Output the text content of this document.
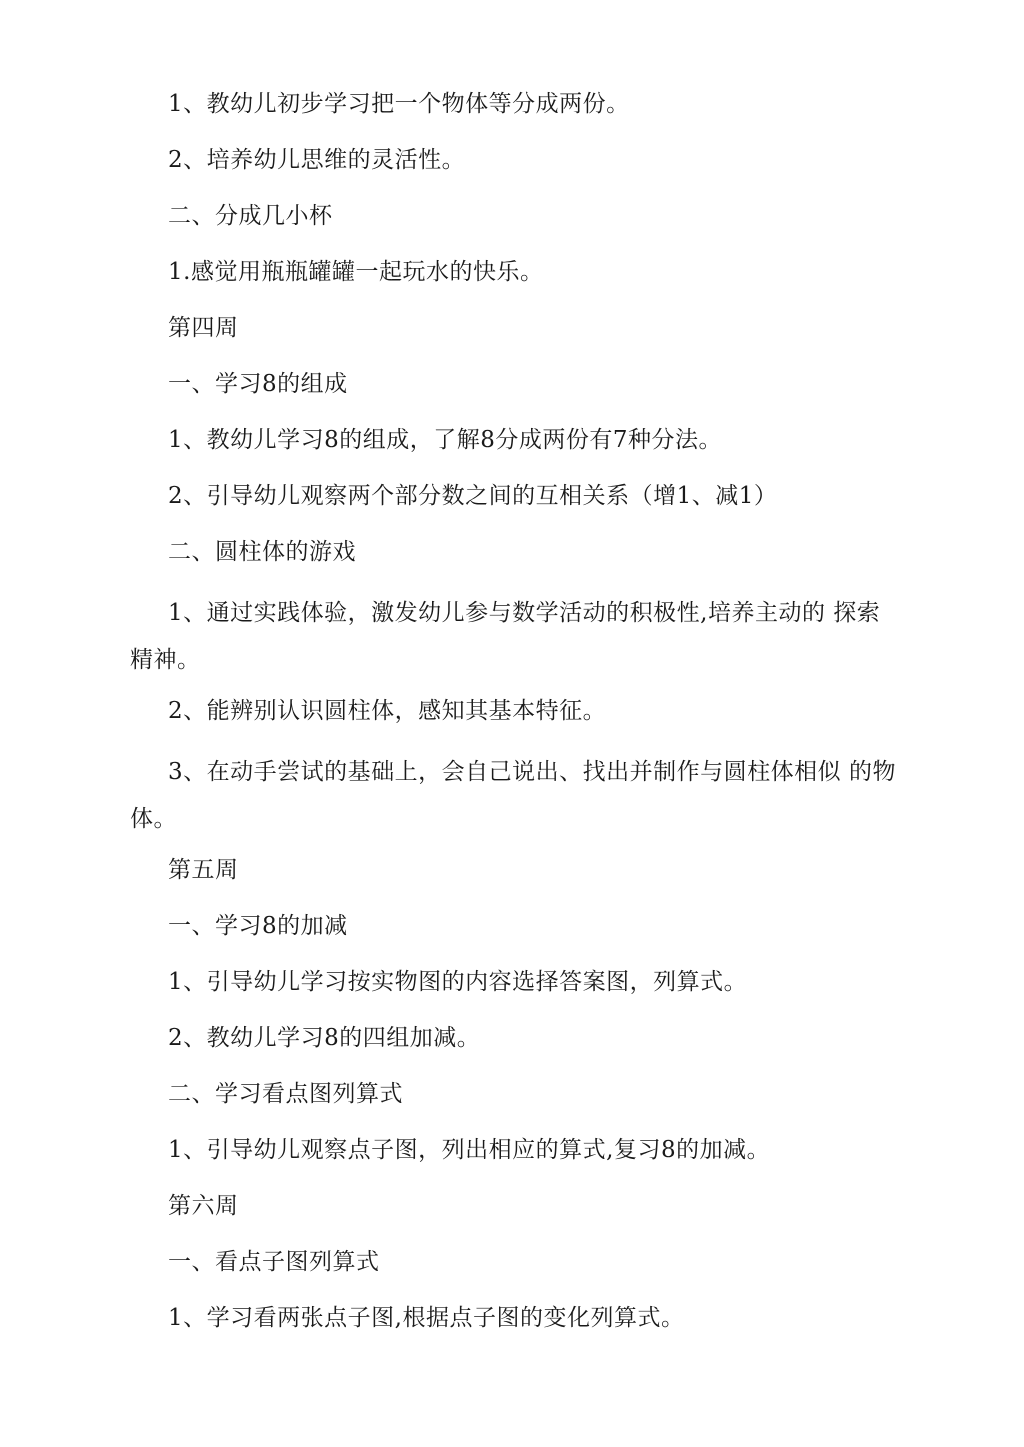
1、教幼儿初步学习把一个物体等分成两份。

2、培养幼儿思维的灵活性。

二、分成几小杯

1.感觉用瓶瓶罐罐一起玩水的快乐。

第四周

一、学习8的组成

1、教幼儿学习8的组成，了解8分成两份有7种分法。

2、引导幼儿观察两个部分数之间的互相关系（增1、减1）

二、圆柱体的游戏

1、通过实践体验，激发幼儿参与数学活动的积极性,培养主动的 探索精神。

2、能辨别认识圆柱体，感知其基本特征。

3、在动手尝试的基础上，会自己说出、找出并制作与圆柱体相似 的物体。

第五周

一、学习8的加减

1、引导幼儿学习按实物图的内容选择答案图，列算式。

2、教幼儿学习8的四组加减。

二、学习看点图列算式

1、引导幼儿观察点子图，列出相应的算式,复习8的加减。

第六周

一、看点子图列算式

1、学习看两张点子图,根据点子图的变化列算式。
